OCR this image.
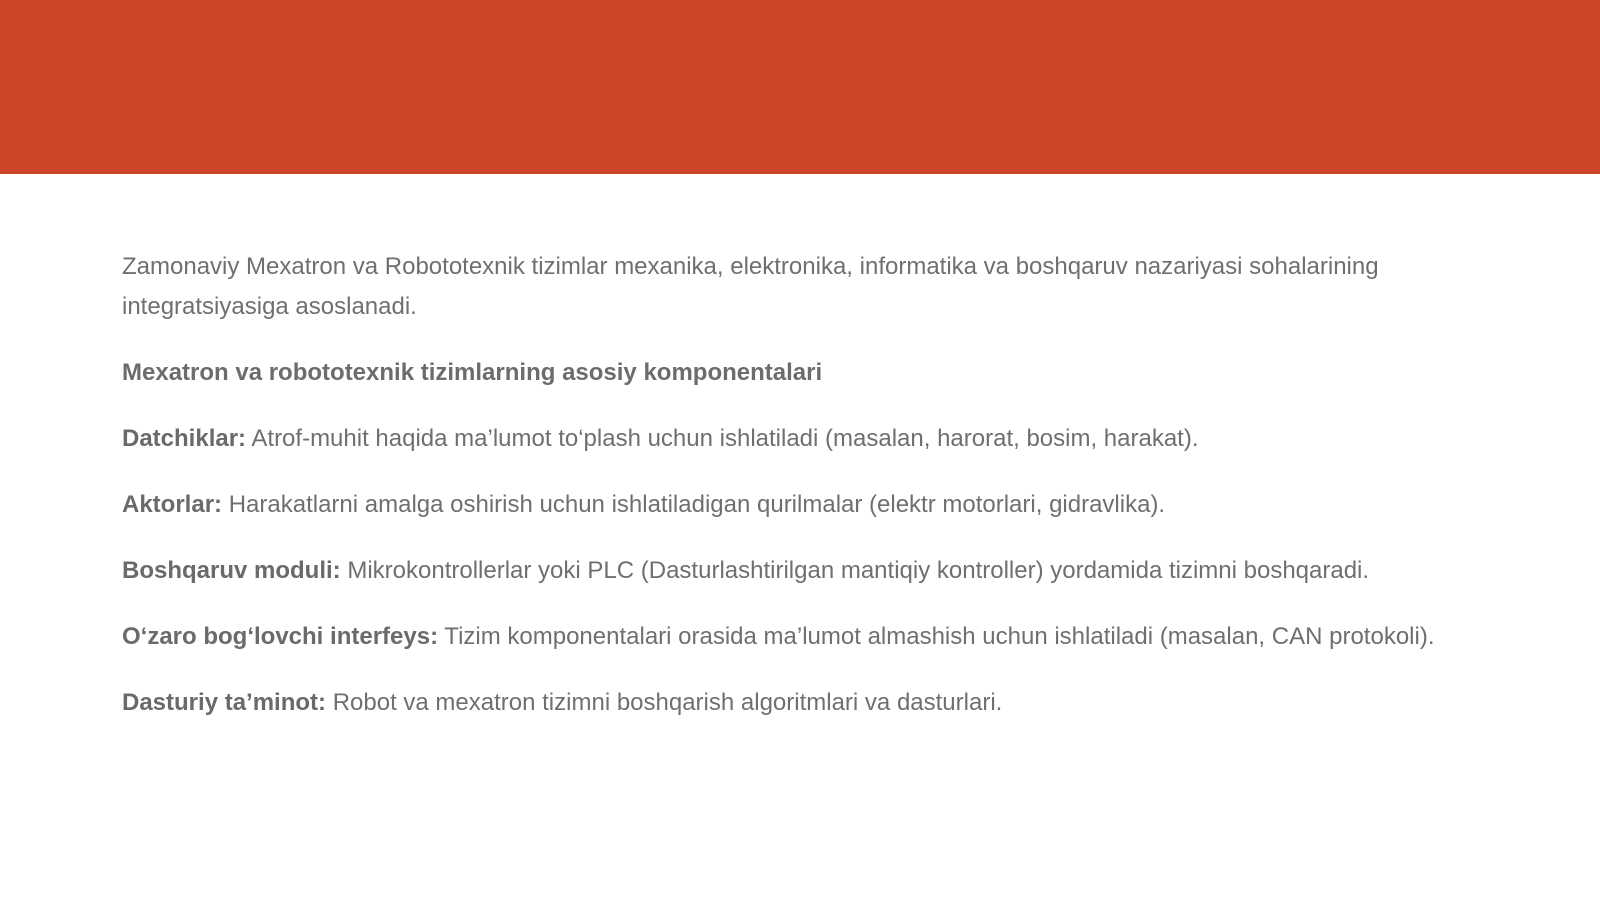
Zamonaviy Mexatron va Robototexnik tizimlar mexanika, elektronika, informatika va boshqaruv nazariyasi sohalarining integratsiyasiga asoslanadi.

Mexatron va robototexnik tizimlarning asosiy komponentalari

Datchiklar: Atrof-muhit haqida ma’lumot to‘plash uchun ishlatiladi (masalan, harorat, bosim, harakat).

Aktorlar: Harakatlarni amalga oshirish uchun ishlatiladigan qurilmalar (elektr motorlari, gidravlika).

Boshqaruv moduli: Mikrokontrollerlar yoki PLC (Dasturlashtirilgan mantiqiy kontroller) yordamida tizimni boshqaradi.

O‘zaro bog‘lovchi interfeys: Tizim komponentalari orasida ma’lumot almashish uchun ishlatiladi (masalan, CAN protokoli).

Dasturiy ta’minot: Robot va mexatron tizimni boshqarish algoritmlari va dasturlari.
